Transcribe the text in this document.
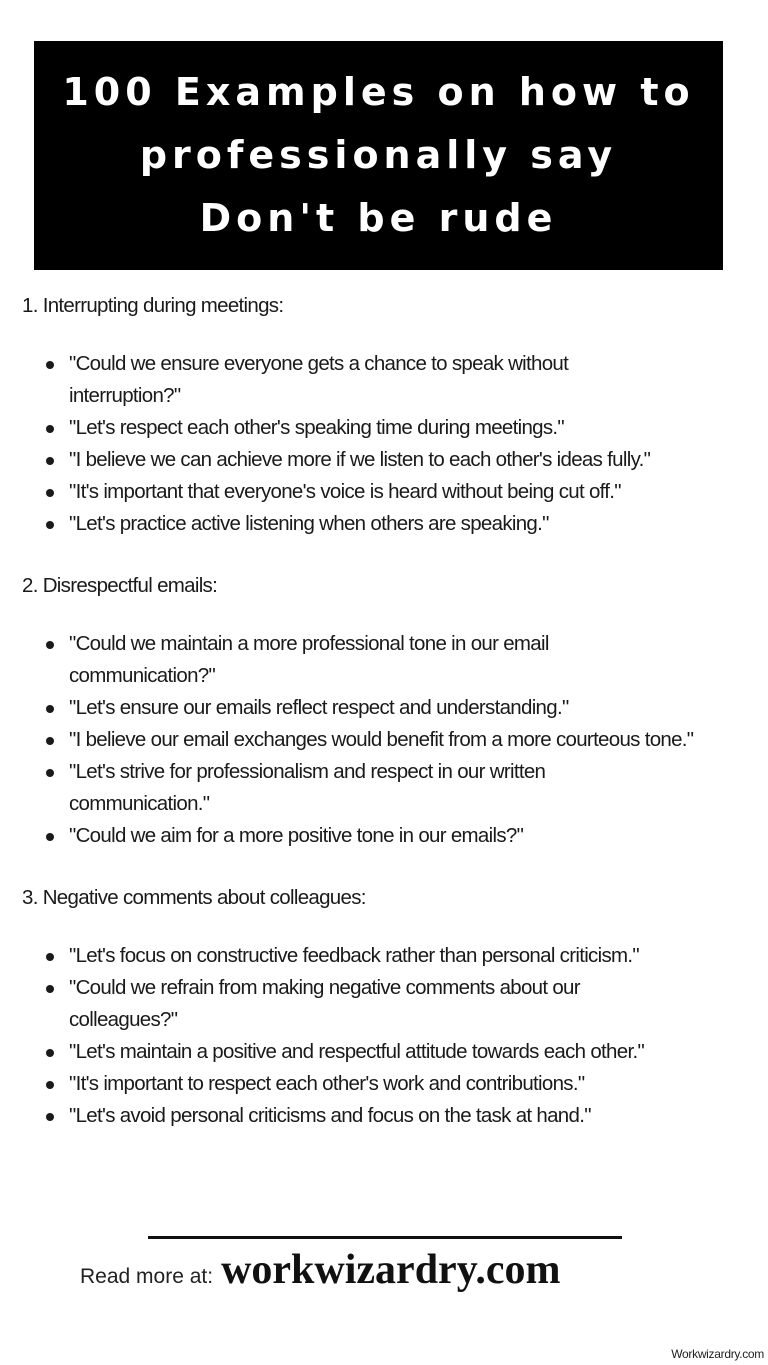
100 Examples on how to
professionally say
Don't be rude
1. Interrupting during meetings:
"Could we ensure everyone gets a chance to speak without interruption?"
"Let's respect each other's speaking time during meetings."
"I believe we can achieve more if we listen to each other's ideas fully."
"It's important that everyone's voice is heard without being cut off."
"Let's practice active listening when others are speaking."
2. Disrespectful emails:
"Could we maintain a more professional tone in our email communication?"
"Let's ensure our emails reflect respect and understanding."
"I believe our email exchanges would benefit from a more courteous tone."
"Let's strive for professionalism and respect in our written communication."
"Could we aim for a more positive tone in our emails?"
3. Negative comments about colleagues:
"Let's focus on constructive feedback rather than personal criticism."
"Could we refrain from making negative comments about our colleagues?"
"Let's maintain a positive and respectful attitude towards each other."
"It's important to respect each other's work and contributions."
"Let's avoid personal criticisms and focus on the task at hand."
Read more at: workwizardry.com
Workwizardry.com
